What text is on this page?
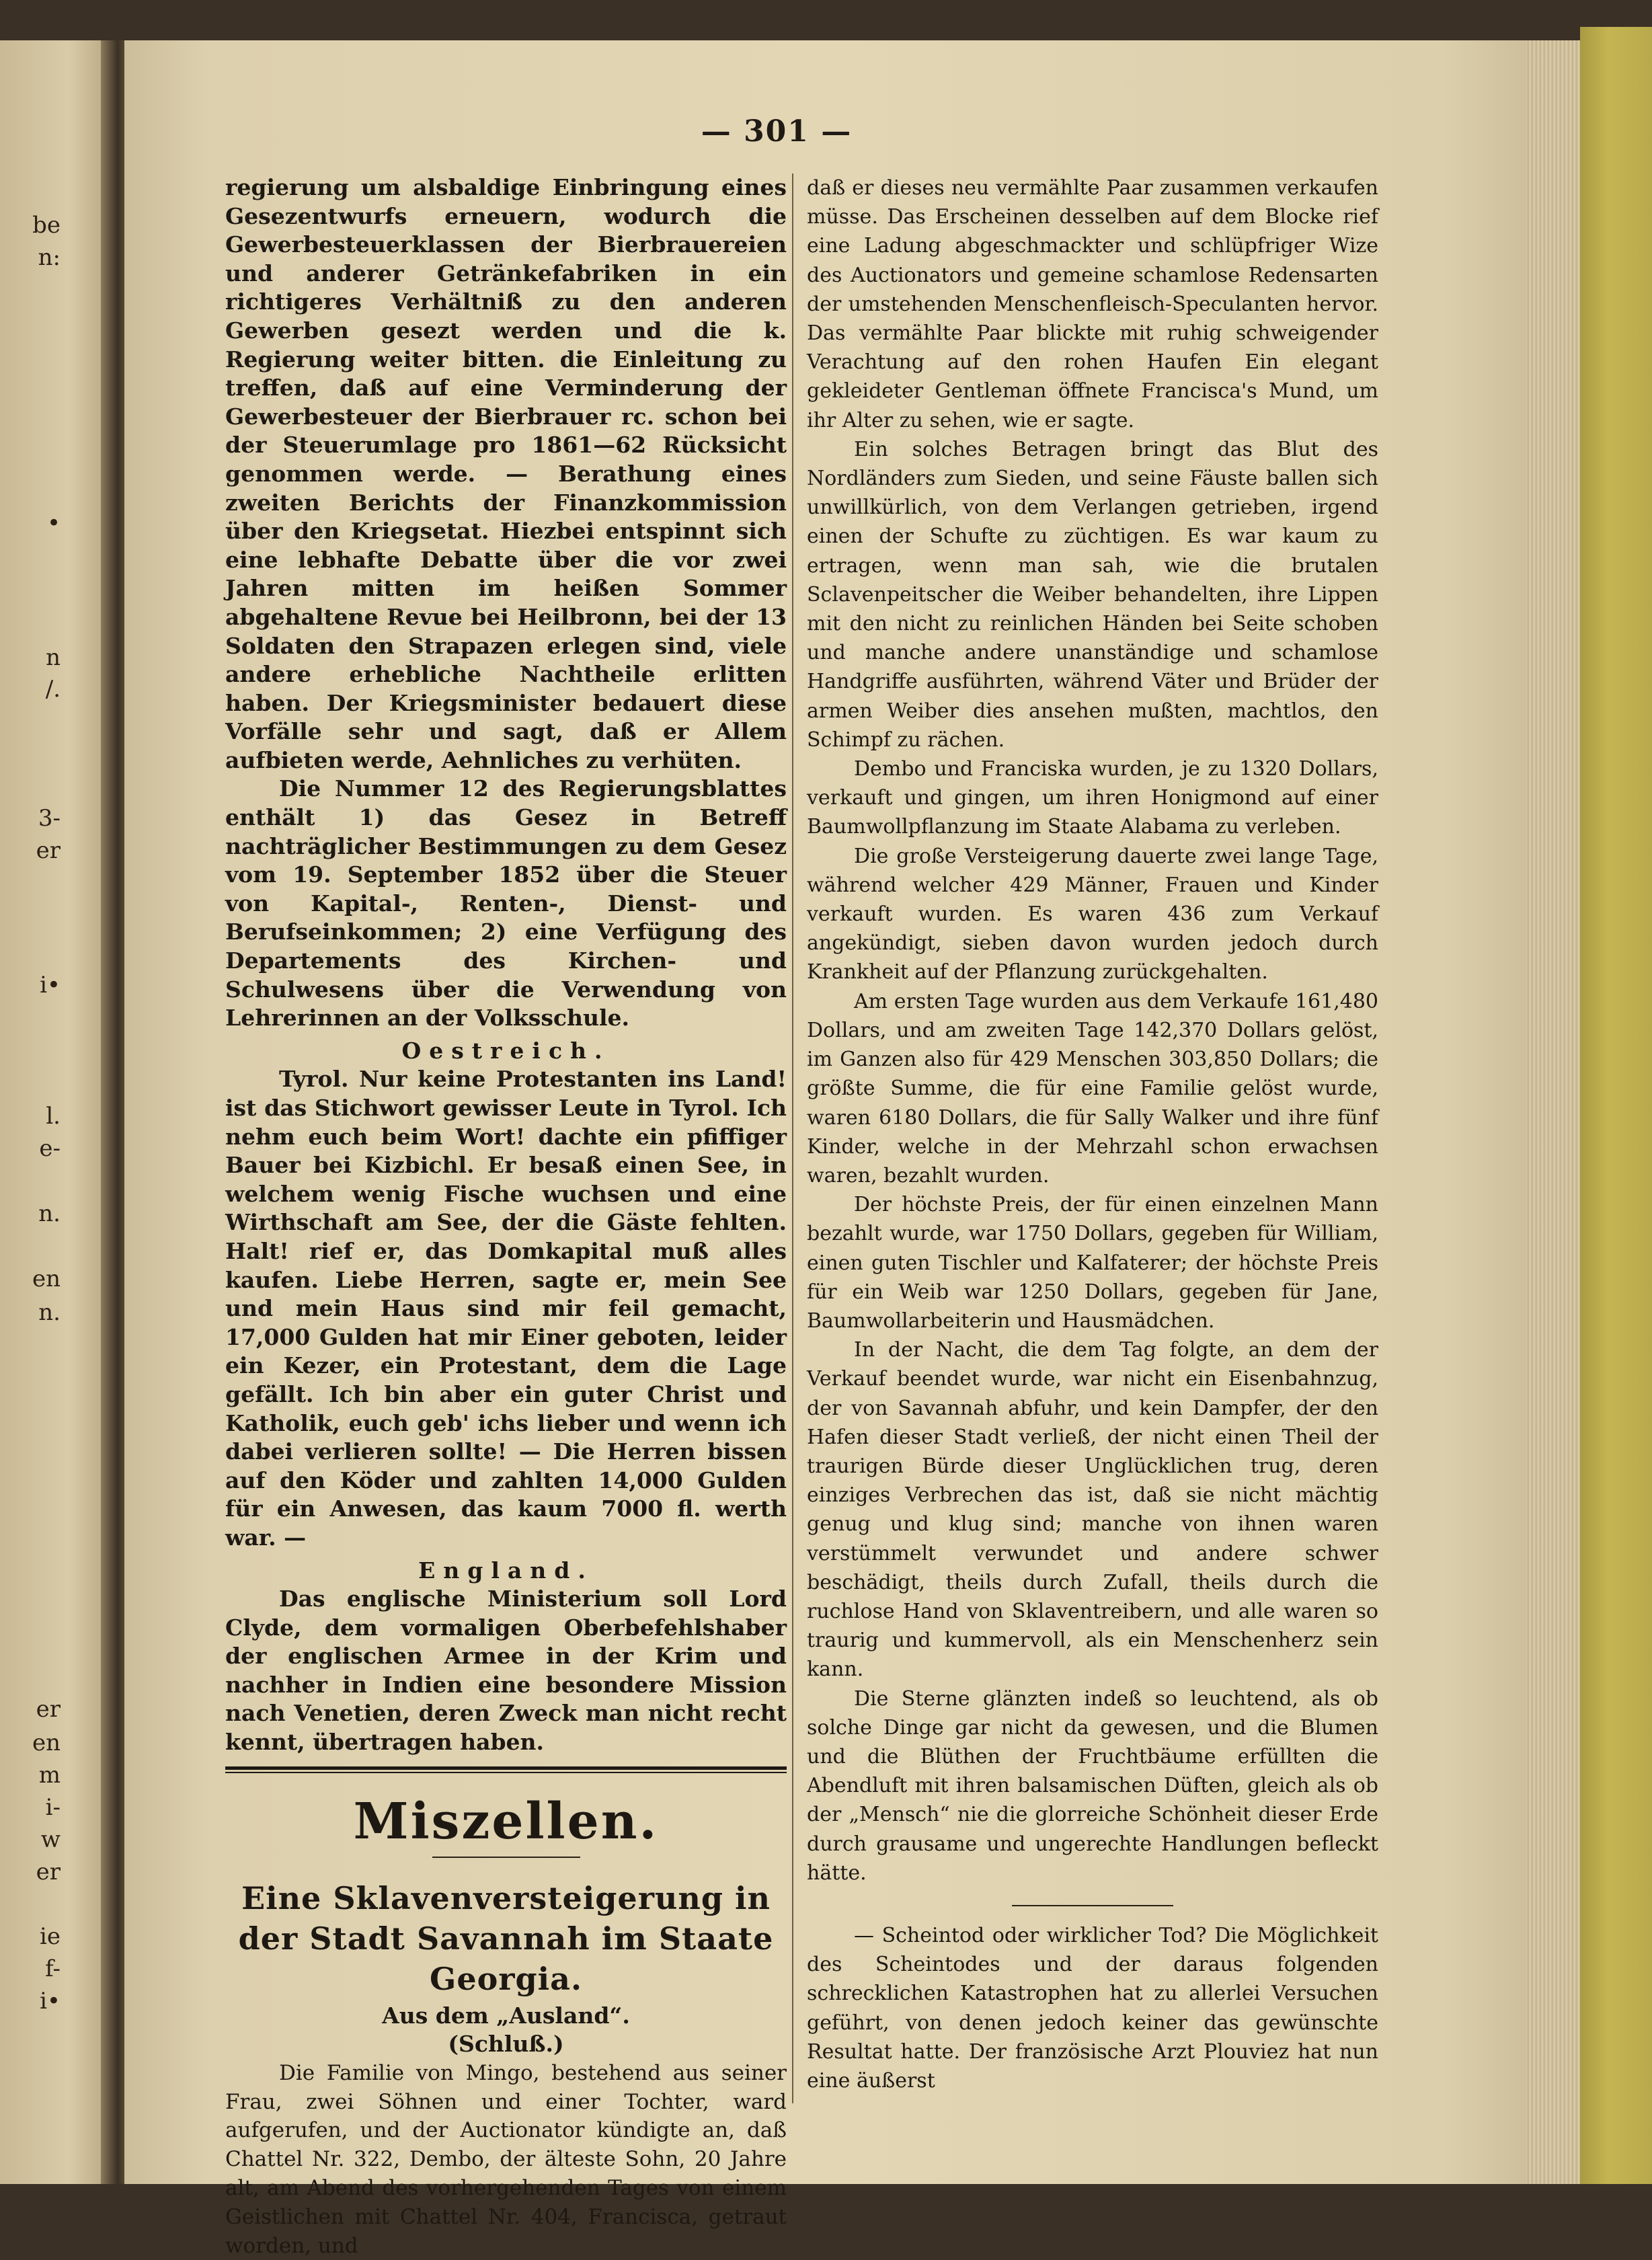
be
n:
•
n
/.
3-
er
i•
l.
e-
n.
en
n.
er
en
m
i-
w
er
ie
f-
i•
— 301 —

regierung um alsbaldige Einbringung eines Gesezentwurfs erneuern, wodurch die Gewerbesteuerklassen der Bierbrauereien und anderer Getränkefabriken in ein richtigeres Verhältniß zu den anderen Gewerben gesezt werden und die k. Regierung weiter bitten. die Einleitung zu treffen, daß auf eine Verminderung der Gewerbesteuer der Bierbrauer rc. schon bei der Steuerumlage pro 1861—62 Rücksicht genommen werde. — Berathung eines zweiten Berichts der Finanzkommission über den Kriegsetat. Hiezbei entspinnt sich eine lebhafte Debatte über die vor zwei Jahren mitten im heißen Sommer abgehaltene Revue bei Heilbronn, bei der 13 Soldaten den Strapazen erlegen sind, viele andere erhebliche Nachtheile erlitten haben. Der Kriegsminister bedauert diese Vorfälle sehr und sagt, daß er Allem aufbieten werde, Aehnliches zu verhüten.

Die Nummer 12 des Regierungsblattes enthält 1) das Gesez in Betreff nachträglicher Bestimmungen zu dem Gesez vom 19. September 1852 über die Steuer von Kapital-, Renten-, Dienst- und Berufseinkommen; 2) eine Verfügung des Departements des Kirchen- und Schulwesens über die Verwendung von Lehrerinnen an der Volksschule.

Oestreich.

Tyrol. Nur keine Protestanten ins Land! ist das Stichwort gewisser Leute in Tyrol. Ich nehm euch beim Wort! dachte ein pfiffiger Bauer bei Kizbichl. Er besaß einen See, in welchem wenig Fische wuchsen und eine Wirthschaft am See, der die Gäste fehlten. Halt! rief er, das Domkapital muß alles kaufen. Liebe Herren, sagte er, mein See und mein Haus sind mir feil gemacht, 17,000 Gulden hat mir Einer geboten, leider ein Kezer, ein Protestant, dem die Lage gefällt. Ich bin aber ein guter Christ und Katholik, euch geb' ichs lieber und wenn ich dabei verlieren sollte! — Die Herren bissen auf den Köder und zahlten 14,000 Gulden für ein Anwesen, das kaum 7000 fl. werth war. —

England.

Das englische Ministerium soll Lord Clyde, dem vormaligen Oberbefehlshaber der englischen Armee in der Krim und nachher in Indien eine besondere Mission nach Venetien, deren Zweck man nicht recht kennt, übertragen haben.

Miszellen.
Eine Sklavenversteigerung in der Stadt Savannah im Staate Georgia.
Aus dem „Ausland“.
(Schluß.)

Die Familie von Mingo, bestehend aus seiner Frau, zwei Söhnen und einer Tochter, ward aufgerufen, und der Auctionator kündigte an, daß Chattel Nr. 322, Dembo, der älteste Sohn, 20 Jahre alt, am Abend des vorhergehenden Tages von einem Geistlichen mit Chattel Nr. 404, Francisca, getraut worden, und

daß er dieses neu vermählte Paar zusammen verkaufen müsse. Das Erscheinen desselben auf dem Blocke rief eine Ladung abgeschmackter und schlüpfriger Wize des Auctionators und gemeine schamlose Redensarten der umstehenden Menschenfleisch-Speculanten hervor. Das vermählte Paar blickte mit ruhig schweigender Verachtung auf den rohen Haufen Ein elegant gekleideter Gentleman öffnete Francisca's Mund, um ihr Alter zu sehen, wie er sagte.

Ein solches Betragen bringt das Blut des Nordländers zum Sieden, und seine Fäuste ballen sich unwillkürlich, von dem Verlangen getrieben, irgend einen der Schufte zu züchtigen. Es war kaum zu ertragen, wenn man sah, wie die brutalen Sclavenpeitscher die Weiber behandelten, ihre Lippen mit den nicht zu reinlichen Händen bei Seite schoben und manche andere unanständige und schamlose Handgriffe ausführten, während Väter und Brüder der armen Weiber dies ansehen mußten, machtlos, den Schimpf zu rächen.

Dembo und Franciska wurden, je zu 1320 Dollars, verkauft und gingen, um ihren Honigmond auf einer Baumwollpflanzung im Staate Alabama zu verleben.

Die große Versteigerung dauerte zwei lange Tage, während welcher 429 Männer, Frauen und Kinder verkauft wurden. Es waren 436 zum Verkauf angekündigt, sieben davon wurden jedoch durch Krankheit auf der Pflanzung zurückgehalten.

Am ersten Tage wurden aus dem Verkaufe 161,480 Dollars, und am zweiten Tage 142,370 Dollars gelöst, im Ganzen also für 429 Menschen 303,850 Dollars; die größte Summe, die für eine Familie gelöst wurde, waren 6180 Dollars, die für Sally Walker und ihre fünf Kinder, welche in der Mehrzahl schon erwachsen waren, bezahlt wurden.

Der höchste Preis, der für einen einzelnen Mann bezahlt wurde, war 1750 Dollars, gegeben für William, einen guten Tischler und Kalfaterer; der höchste Preis für ein Weib war 1250 Dollars, gegeben für Jane, Baumwollarbeiterin und Hausmädchen.

In der Nacht, die dem Tag folgte, an dem der Verkauf beendet wurde, war nicht ein Eisenbahnzug, der von Savannah abfuhr, und kein Dampfer, der den Hafen dieser Stadt verließ, der nicht einen Theil der traurigen Bürde dieser Unglücklichen trug, deren einziges Verbrechen das ist, daß sie nicht mächtig genug und klug sind; manche von ihnen waren verstümmelt verwundet und andere schwer beschädigt, theils durch Zufall, theils durch die ruchlose Hand von Sklaventreibern, und alle waren so traurig und kummervoll, als ein Menschenherz sein kann.

Die Sterne glänzten indeß so leuchtend, als ob solche Dinge gar nicht da gewesen, und die Blumen und die Blüthen der Fruchtbäume erfüllten die Abendluft mit ihren balsamischen Düften, gleich als ob der „Mensch“ nie die glorreiche Schönheit dieser Erde durch grausame und ungerechte Handlungen befleckt hätte.

— Scheintod oder wirklicher Tod? Die Möglichkeit des Scheintodes und der daraus folgenden schrecklichen Katastrophen hat zu allerlei Versuchen geführt, von denen jedoch keiner das gewünschte Resultat hatte. Der französische Arzt Plouviez hat nun eine äußerst
